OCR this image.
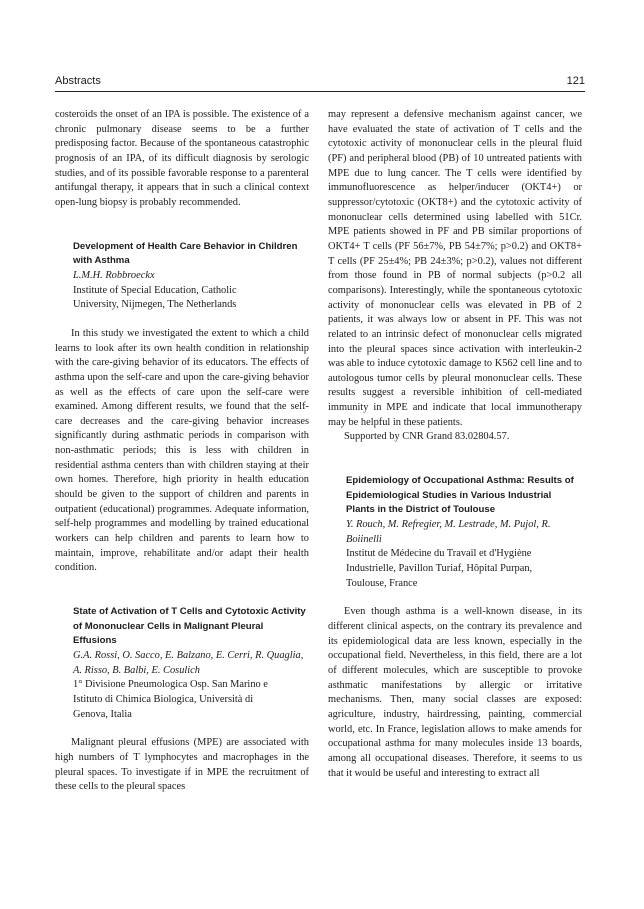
Abstracts	121

costeroids the onset of an IPA is possible. The existence of a chronic pulmonary disease seems to be a further predisposing factor. Because of the spontaneous catastrophic prognosis of an IPA, of its difficult diagnosis by serologic studies, and of its possible favorable response to a parenteral antifungal therapy, it appears that in such a clinical context open-lung biopsy is probably recommended.

Development of Health Care Behavior in Children with Asthma
L.M.H. Robbroeckx
Institute of Special Education, Catholic
University, Nijmegen, The Netherlands

In this study we investigated the extent to which a child learns to look after its own health condition in relationship with the care-giving behavior of its educators. The effects of asthma upon the self-care and upon the care-giving behavior as well as the effects of care upon the self-care were examined. Among different results, we found that the self-care decreases and the care-giving behavior increases significantly during asthmatic periods in comparison with non-asthmatic periods; this is less with children in residential asthma centers than with children staying at their own homes. Therefore, high priority in health education should be given to the support of children and parents in outpatient (educational) programmes. Adequate information, self-help programmes and modelling by trained educational workers can help children and parents to learn how to maintain, improve, rehabilitate and/or adapt their health condition.

State of Activation of T Cells and Cytotoxic Activity of Mononuclear Cells in Malignant Pleural Effusions
G.A. Rossi, O. Sacco, E. Balzano, E. Cerri, R. Quaglia, A. Risso, B. Balbi, E. Cosulich
1° Divisione Pneumologica Osp. San Marino e
Istituto di Chimica Biologica, Università di
Genova, Italia

Malignant pleural effusions (MPE) are associated with high numbers of T lymphocytes and macrophages in the pleural spaces. To investigate if in MPE the recruitment of these cells to the pleural spaces

may represent a defensive mechanism against cancer, we have evaluated the state of activation of T cells and the cytotoxic activity of mononuclear cells in the pleural fluid (PF) and peripheral blood (PB) of 10 untreated patients with MPE due to lung cancer. The T cells were identified by immunofluorescence as helper/inducer (OKT4+) or suppressor/cytotoxic (OKT8+) and the cytotoxic activity of mononuclear cells determined using labelled with 51Cr. MPE patients showed in PF and PB similar proportions of OKT4+ T cells (PF 56±7%, PB 54±7%; p>0.2) and OKT8+ T cells (PF 25±4%; PB 24±3%; p>0.2), values not different from those found in PB of normal subjects (p>0.2 all comparisons). Interestingly, while the spontaneous cytotoxic activity of mononuclear cells was elevated in PB of 2 patients, it was always low or absent in PF. This was not related to an intrinsic defect of mononuclear cells migrated into the pleural spaces since activation with interleukin-2 was able to induce cytotoxic damage to K562 cell line and to autologous tumor cells by pleural mononuclear cells. These results suggest a reversible inhibition of cell-mediated immunity in MPE and indicate that local immunotherapy may be helpful in these patients.

Supported by CNR Grand 83.02804.57.

Epidemiology of Occupational Asthma: Results of Epidemiological Studies in Various Industrial Plants in the District of Toulouse
Y. Rouch, M. Refregier, M. Lestrade, M. Pujol, R. Boiinelli
Institut de Médecine du Travail et d'Hygiène
Industrielle, Pavillon Turiaf, Hôpital Purpan,
Toulouse, France

Even though asthma is a well-known disease, in its different clinical aspects, on the contrary its prevalence and its epidemiological data are less known, especially in the occupational field. Nevertheless, in this field, there are a lot of different molecules, which are susceptible to provoke asthmatic manifestations by allergic or irritative mechanisms. Then, many social classes are exposed: agriculture, industry, hairdressing, painting, commercial world, etc. In France, legislation allows to make amends for occupational asthma for many molecules inside 13 boards, among all occupational diseases. Therefore, it seems to us that it would be useful and interesting to extract all
